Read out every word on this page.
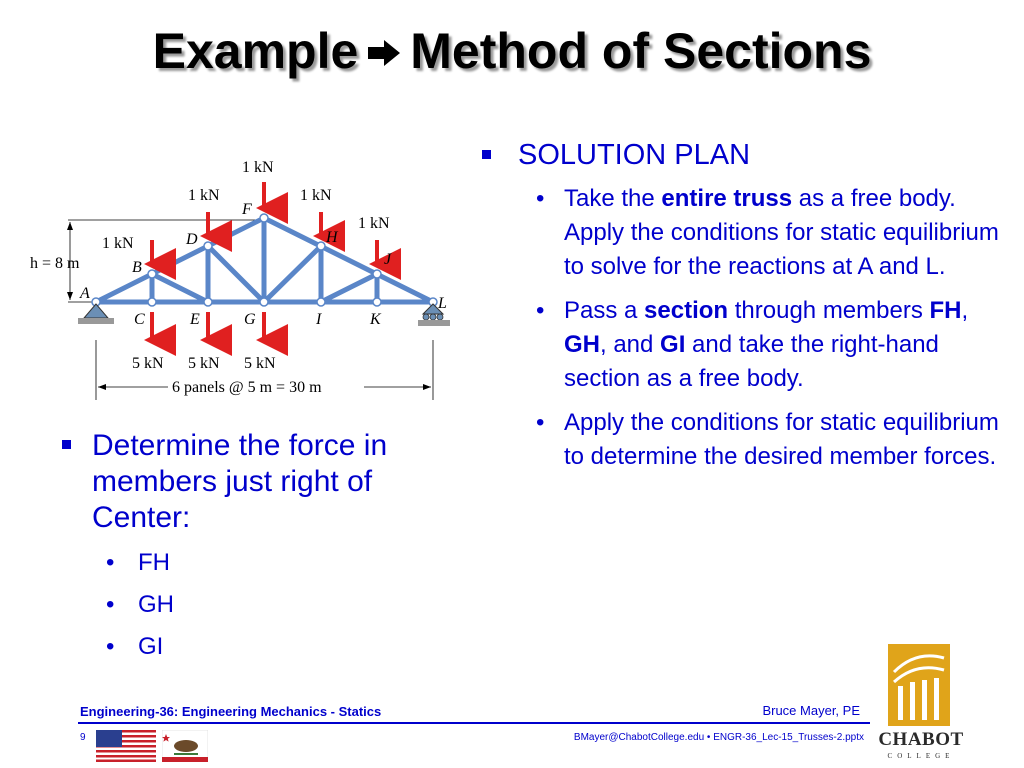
Example Method of Sections
1 kN
1 kN
1 kN
1 kN
1 kN
5 kN 5 kN 5 kN
A
B
C
D
E
F
G
H
I
J
K
L
h = 8 m
6 panels @ 5 m = 30 m
Determine the force in members just right of Center:
• FH
• GH
• GI
SOLUTION PLAN
• Take the entire truss as a free body. Apply the conditions for static equilibrium to solve for the reactions at A and L.
• Pass a section through members FH, GH, and GI and take the right-hand section as a free body.
• Apply the conditions for static equilibrium to determine the desired member forces.
Engineering-36: Engineering Mechanics - Statics	Bruce Mayer, PE
9	BMayer@ChabotCollege.edu • ENGR-36_Lec-15_Trusses-2.pptx CHABOT
COLLEGE
